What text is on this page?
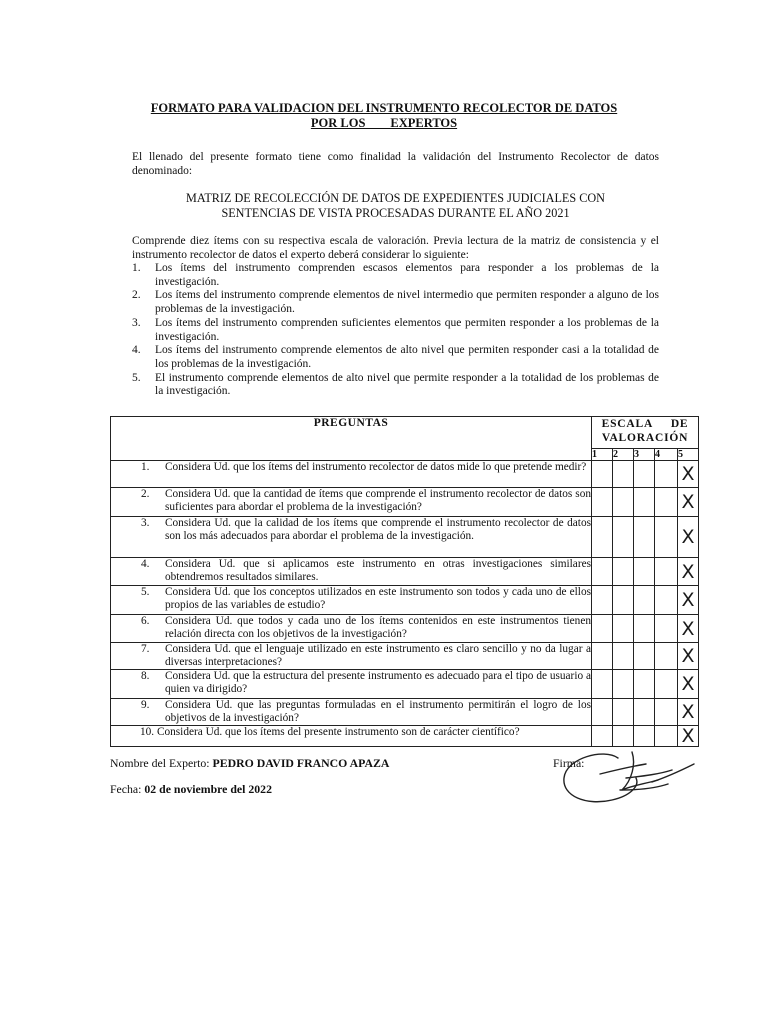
FORMATO PARA VALIDACION DEL INSTRUMENTO RECOLECTOR DE DATOS
POR LOS        EXPERTOS
El llenado del presente formato tiene como finalidad la validación del Instrumento Recolector de datos denominado:
MATRIZ DE RECOLECCIÓN DE DATOS DE EXPEDIENTES JUDICIALES CON
SENTENCIAS DE VISTA PROCESADAS DURANTE EL AÑO 2021
Comprende diez ítems con su respectiva escala de valoración. Previa lectura de la matriz de consistencia y el instrumento recolector de datos el experto deberá considerar lo siguiente:
1. Los ítems del instrumento comprenden escasos elementos para responder a los problemas de la investigación.
2. Los ítems del instrumento comprende elementos de nivel intermedio que permiten responder a alguno de los problemas de la investigación.
3. Los ítems del instrumento comprenden suficientes elementos que permiten responder a los problemas de la investigación.
4. Los ítems del instrumento comprende elementos de alto nivel que permiten responder casi a la totalidad de los problemas de la investigación.
5. El instrumento comprende elementos de alto nivel que permite responder a la totalidad de los problemas de la investigación.
PREGUNTAS	ESCALA     DE
VALORACIÓN				

	1	2	3	4	5

1. Considera Ud. que los ítems del instrumento recolector de datos mide lo que pretende medir?					X

2. Considera Ud. que la cantidad de ítems que comprende el instrumento recolector de datos son suficientes para abordar el problema de la investigación?					X

3. Considera Ud. que la calidad de los ítems que comprende el instrumento recolector de datos son los más adecuados para abordar el problema de la investigación.					X

4. Considera Ud. que si aplicamos este instrumento en otras investigaciones similares obtendremos resultados similares.					X

5. Considera Ud. que los conceptos utilizados en este instrumento son todos y cada uno de ellos propios de las variables de estudio?					X

6. Considera Ud. que todos y cada uno de los ítems contenidos en este instrumentos tienen relación directa con los objetivos de la investigación?					X

7. Considera Ud. que el lenguaje utilizado en este instrumento es claro sencillo y no da lugar a diversas interpretaciones?					X

8. Considera Ud. que la estructura del presente instrumento es adecuado para el tipo de usuario a quien va dirigido?					X

9. Considera Ud. que las preguntas formuladas en el instrumento permitirán el logro de los objetivos de la investigación?					X

10. Considera Ud. que los ítems del presente instrumento son de carácter científico?					X
Nombre del Experto: PEDRO DAVID FRANCO APAZA	Firma:
Fecha: 02 de noviembre del 2022
